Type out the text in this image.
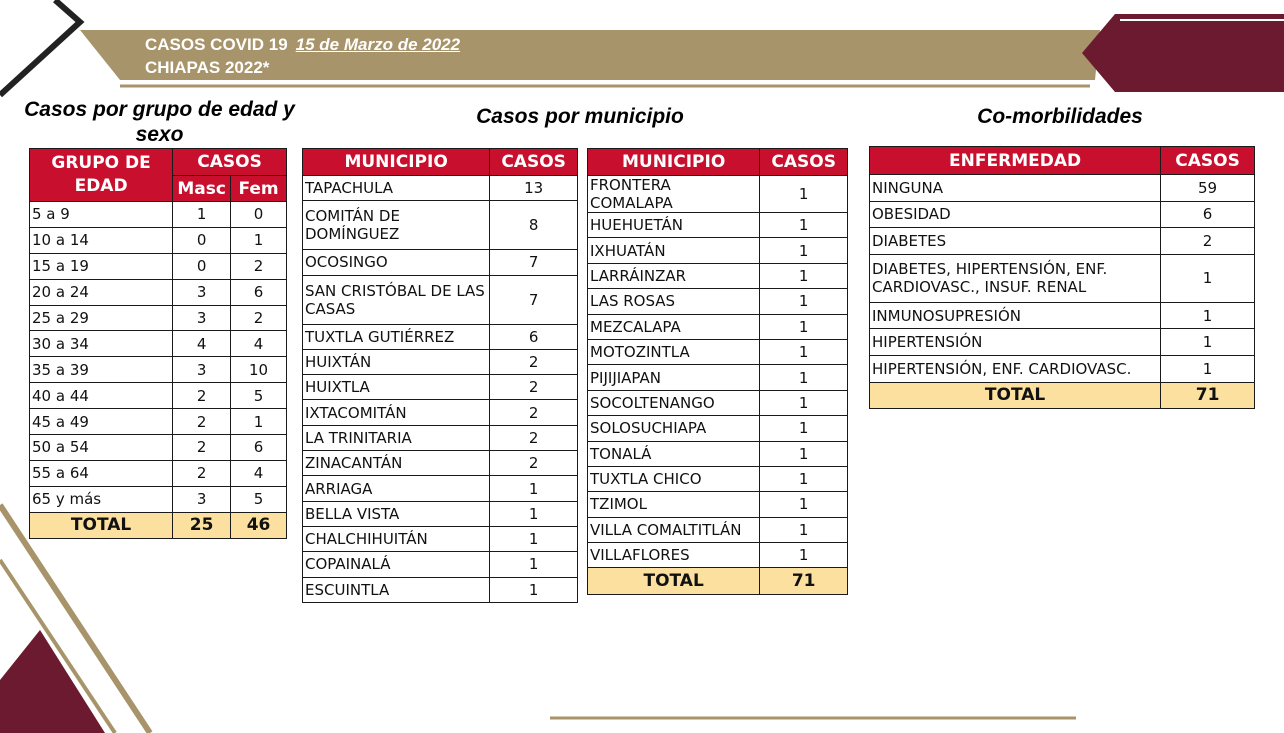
CASOS COVID 19 15 de Marzo de 2022
CHIAPAS 2022*
Casos por grupo de edad y sexo
Casos por municipio	Co-morbilidades
GRUPO DE EDAD	CASOS	
	Masc	Fem
5 a 9	1	0
10 a 14	0	1
15 a 19	0	2
20 a 24	3	6
25 a 29	3	2
30 a 34	4	4
35 a 39	3	10
40 a 44	2	5
45 a 49	2	1
50 a 54	2	6
55 a 64	2	4
65 y más	3	5
TOTAL	25	46
MUNICIPIO	CASOS
TAPACHULA	13
COMITÁN DE DOMÍNGUEZ	8
OCOSINGO	7
SAN CRISTÓBAL DE LAS CASAS	7
TUXTLA GUTIÉRREZ	6
HUIXTÁN	2
HUIXTLA	2
IXTACOMITÁN	2
LA TRINITARIA	2
ZINACANTÁN	2
ARRIAGA	1
BELLA VISTA	1
CHALCHIHUITÁN	1
COPAINALÁ	1
ESCUINTLA	1
MUNICIPIO	CASOS
FRONTERA COMALAPA	1
HUEHUETÁN	1
IXHUATÁN	1
LARRÁINZAR	1
LAS ROSAS	1
MEZCALAPA	1
MOTOZINTLA	1
PIJIJIAPAN	1
SOCOLTENANGO	1
SOLOSUCHIAPA	1
TONALÁ	1
TUXTLA CHICO	1
TZIMOL	1
VILLA COMALTITLÁN	1
VILLAFLORES	1
TOTAL	71
ENFERMEDAD	CASOS
NINGUNA	59
OBESIDAD	6
DIABETES	2
DIABETES, HIPERTENSIÓN, ENF. CARDIOVASC., INSUF. RENAL	1
INMUNOSUPRESIÓN	1
HIPERTENSIÓN	1
HIPERTENSIÓN, ENF. CARDIOVASC.	1
TOTAL	71
